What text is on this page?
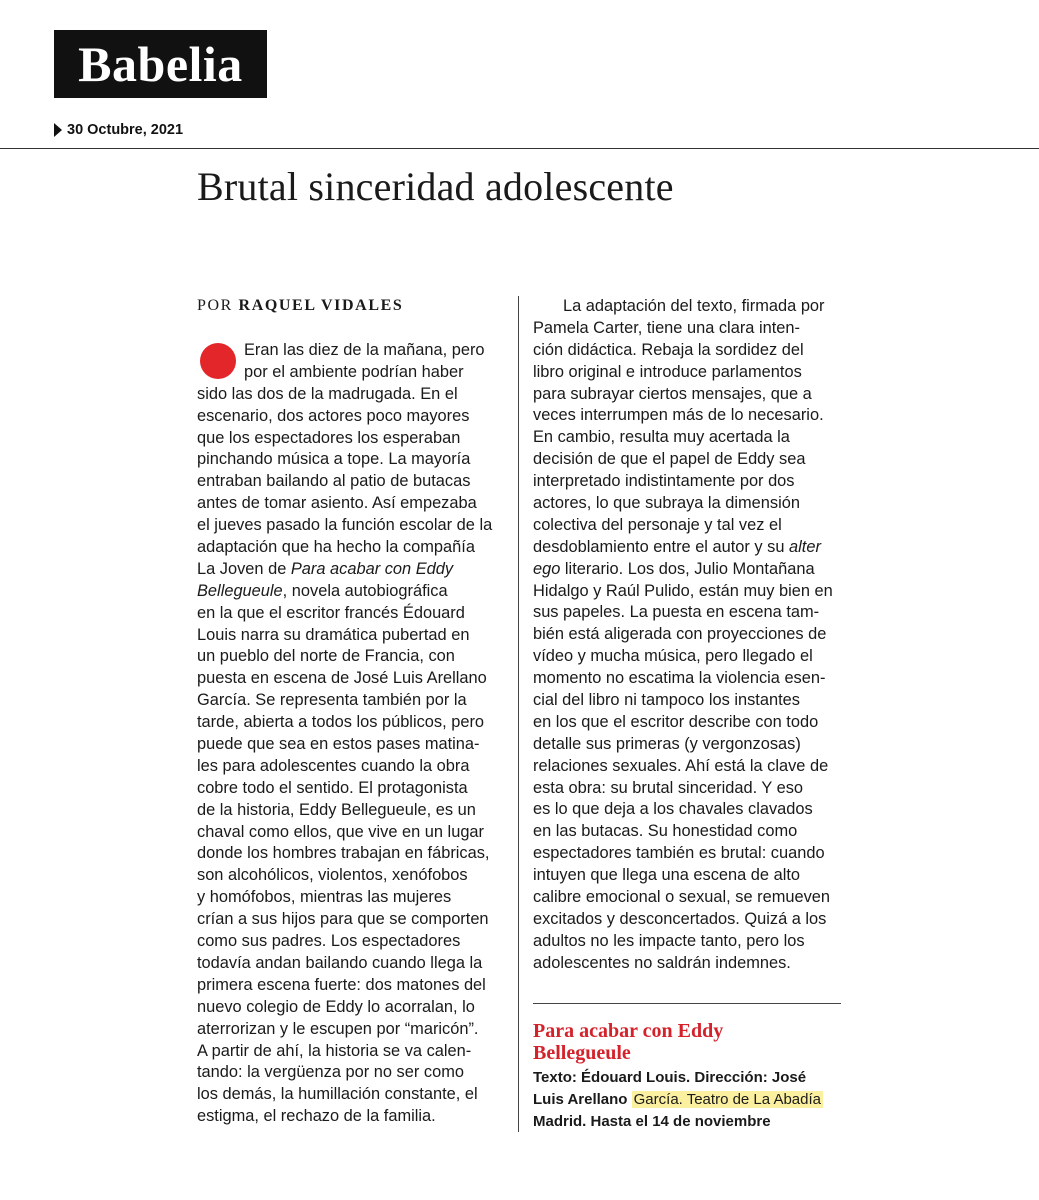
Babelia
30 Octubre, 2021
Brutal sinceridad adolescente
POR RAQUEL VIDALES
Eran las diez de la mañana, pero
por el ambiente podrían haber
sido las dos de la madrugada. En el
escenario, dos actores poco mayores
que los espectadores los esperaban
pinchando música a tope. La mayoría
entraban bailando al patio de butacas
antes de tomar asiento. Así empezaba
el jueves pasado la función escolar de la
adaptación que ha hecho la compañía
La Joven de Para acabar con Eddy
Bellegueule, novela autobiográfica
en la que el escritor francés Édouard
Louis narra su dramática pubertad en
un pueblo del norte de Francia, con
puesta en escena de José Luis Arellano
García. Se representa también por la
tarde, abierta a todos los públicos, pero
puede que sea en estos pases matina-
les para adolescentes cuando la obra
cobre todo el sentido. El protagonista
de la historia, Eddy Bellegueule, es un
chaval como ellos, que vive en un lugar
donde los hombres trabajan en fábricas,
son alcohólicos, violentos, xenófobos
y homófobos, mientras las mujeres
crían a sus hijos para que se comporten
como sus padres. Los espectadores
todavía andan bailando cuando llega la
primera escena fuerte: dos matones del
nuevo colegio de Eddy lo acorralan, lo
aterrorizan y le escupen por “maricón”.
A partir de ahí, la historia se va calen-
tando: la vergüenza por no ser como
los demás, la humillación constante, el
estigma, el rechazo de la familia.
La adaptación del texto, firmada por
Pamela Carter, tiene una clara inten-
ción didáctica. Rebaja la sordidez del
libro original e introduce parlamentos
para subrayar ciertos mensajes, que a
veces interrumpen más de lo necesario.
En cambio, resulta muy acertada la
decisión de que el papel de Eddy sea
interpretado indistintamente por dos
actores, lo que subraya la dimensión
colectiva del personaje y tal vez el
desdoblamiento entre el autor y su alter
ego literario. Los dos, Julio Montañana
Hidalgo y Raúl Pulido, están muy bien en
sus papeles. La puesta en escena tam-
bién está aligerada con proyecciones de
vídeo y mucha música, pero llegado el
momento no escatima la violencia esen-
cial del libro ni tampoco los instantes
en los que el escritor describe con todo
detalle sus primeras (y vergonzosas)
relaciones sexuales. Ahí está la clave de
esta obra: su brutal sinceridad. Y eso
es lo que deja a los chavales clavados
en las butacas. Su honestidad como
espectadores también es brutal: cuando
intuyen que llega una escena de alto
calibre emocional o sexual, se remueven
excitados y desconcertados. Quizá a los
adultos no les impacte tanto, pero los
adolescentes no saldrán indemnes.
Para acabar con Eddy
Bellegueule
Texto: Édouard Louis. Dirección: José
Luis Arellano García. Teatro de La Abadía
Madrid. Hasta el 14 de noviembre
